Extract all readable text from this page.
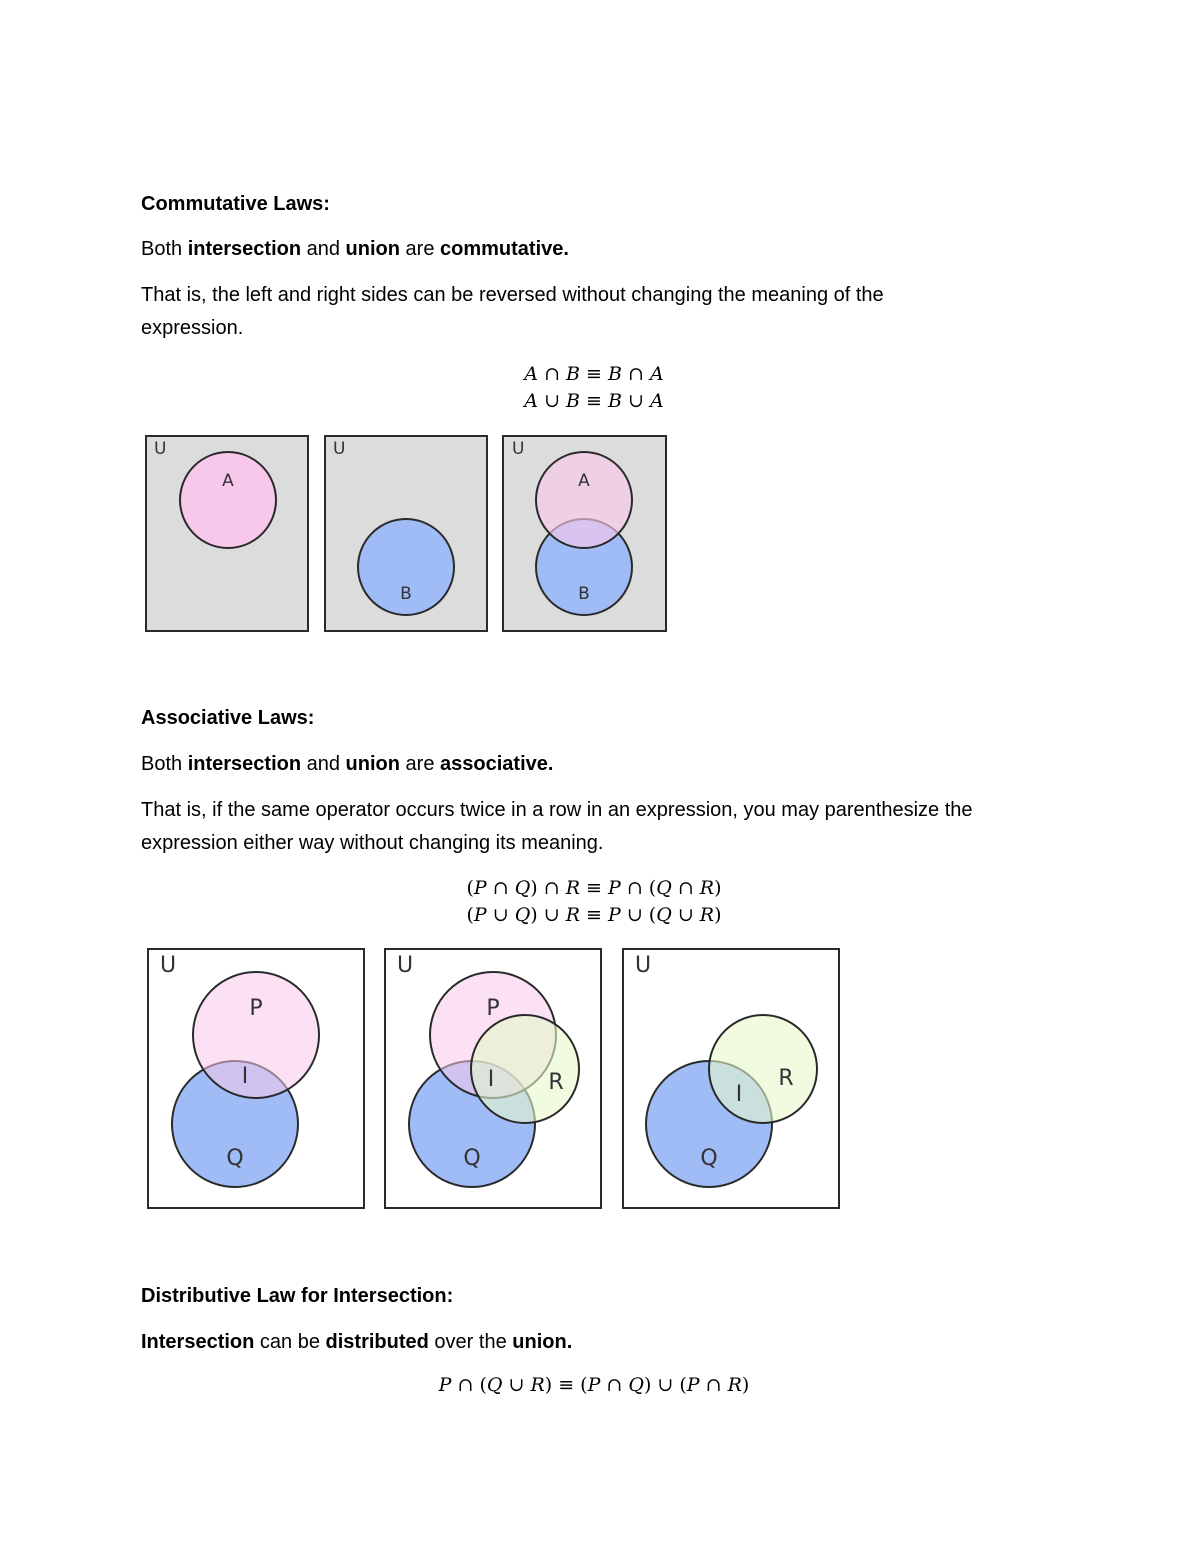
Commutative Laws:
Both intersection and union are commutative.
That is, the left and right sides can be reversed without changing the meaning of the
expression.
A ∩ B ≡ B ∩ A
A ∪ B ≡ B ∪ A
U
A
U
B
U
A
B
Associative Laws:
Both intersection and union are associative.
That is, if the same operator occurs twice in a row in an expression, you may parenthesize the
expression either way without changing its meaning.
(P ∩ Q) ∩ R ≡ P ∩ (Q ∩ R)
(P ∪ Q) ∪ R ≡ P ∪ (Q ∪ R)
U
P
Q
I
U
P
Q
R
I
U
Q
R
I
Distributive Law for Intersection:
Intersection can be distributed over the union.
P ∩ (Q ∪ R) ≡ (P ∩ Q) ∪ (P ∩ R)
